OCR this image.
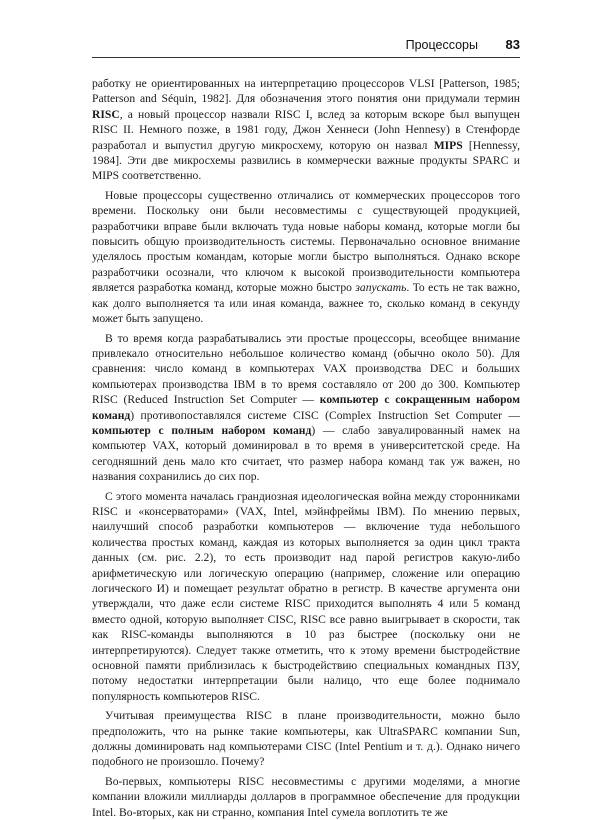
Процессоры 83

работку не ориентированных на интерпретацию процессоров VLSI [Patterson, 1985; Patterson and Séquin, 1982]. Для обозначения этого понятия они придумали термин RISC, а новый процессор назвали RISC I, вслед за которым вскоре был выпущен RISC II. Немного позже, в 1981 году, Джон Хеннеси (John Hennesy) в Стенфорде разработал и выпустил другую микросхему, которую он назвал MIPS [Hennessy, 1984]. Эти две микросхемы развились в коммерчески важные продукты SPARC и MIPS соответственно.

Новые процессоры существенно отличались от коммерческих процессоров того времени. Поскольку они были несовместимы с существующей продукцией, разработчики вправе были включать туда новые наборы команд, которые могли бы повысить общую производительность системы. Первоначально основное внимание уделялось простым командам, которые могли быстро выполняться. Однако вскоре разработчики осознали, что ключом к высокой производительности компьютера является разработка команд, которые можно быстро запускать. То есть не так важно, как долго выполняется та или иная команда, важнее то, сколько команд в секунду может быть запущено.

В то время когда разрабатывались эти простые процессоры, всеобщее внимание привлекало относительно небольшое количество команд (обычно около 50). Для сравнения: число команд в компьютерах VAX производства DEC и больших компьютерах производства IBM в то время составляло от 200 до 300. Компьютер RISC (Reduced Instruction Set Computer — компьютер с сокращенным набором команд) противопоставлялся системе CISC (Complex Instruction Set Computer — компьютер с полным набором команд) — слабо завуалированный намек на компьютер VAX, который доминировал в то время в университетской среде. На сегодняшний день мало кто считает, что размер набора команд так уж важен, но названия сохранились до сих пор.

С этого момента началась грандиозная идеологическая война между сторонниками RISC и «консерваторами» (VAX, Intel, мэйнфреймы IBM). По мнению первых, наилучший способ разработки компьютеров — включение туда небольшого количества простых команд, каждая из которых выполняется за один цикл тракта данных (см. рис. 2.2), то есть производит над парой регистров какую-либо арифметическую или логическую операцию (например, сложение или операцию логического И) и помещает результат обратно в регистр. В качестве аргумента они утверждали, что даже если системе RISC приходится выполнять 4 или 5 команд вместо одной, которую выполняет CISC, RISC все равно выигрывает в скорости, так как RISC-команды выполняются в 10 раз быстрее (поскольку они не интерпретируются). Следует также отметить, что к этому времени быстродействие основной памяти приблизилась к быстродействию специальных командных ПЗУ, потому недостатки интерпретации были налицо, что еще более поднимало популярность компьютеров RISC.

Учитывая преимущества RISC в плане производительности, можно было предположить, что на рынке такие компьютеры, как UltraSPARC компании Sun, должны доминировать над компьютерами CISC (Intel Pentium и т. д.). Однако ничего подобного не произошло. Почему?

Во-первых, компьютеры RISC несовместимы с другими моделями, а многие компании вложили миллиарды долларов в программное обеспечение для продукции Intel. Во-вторых, как ни странно, компания Intel сумела воплотить те же
